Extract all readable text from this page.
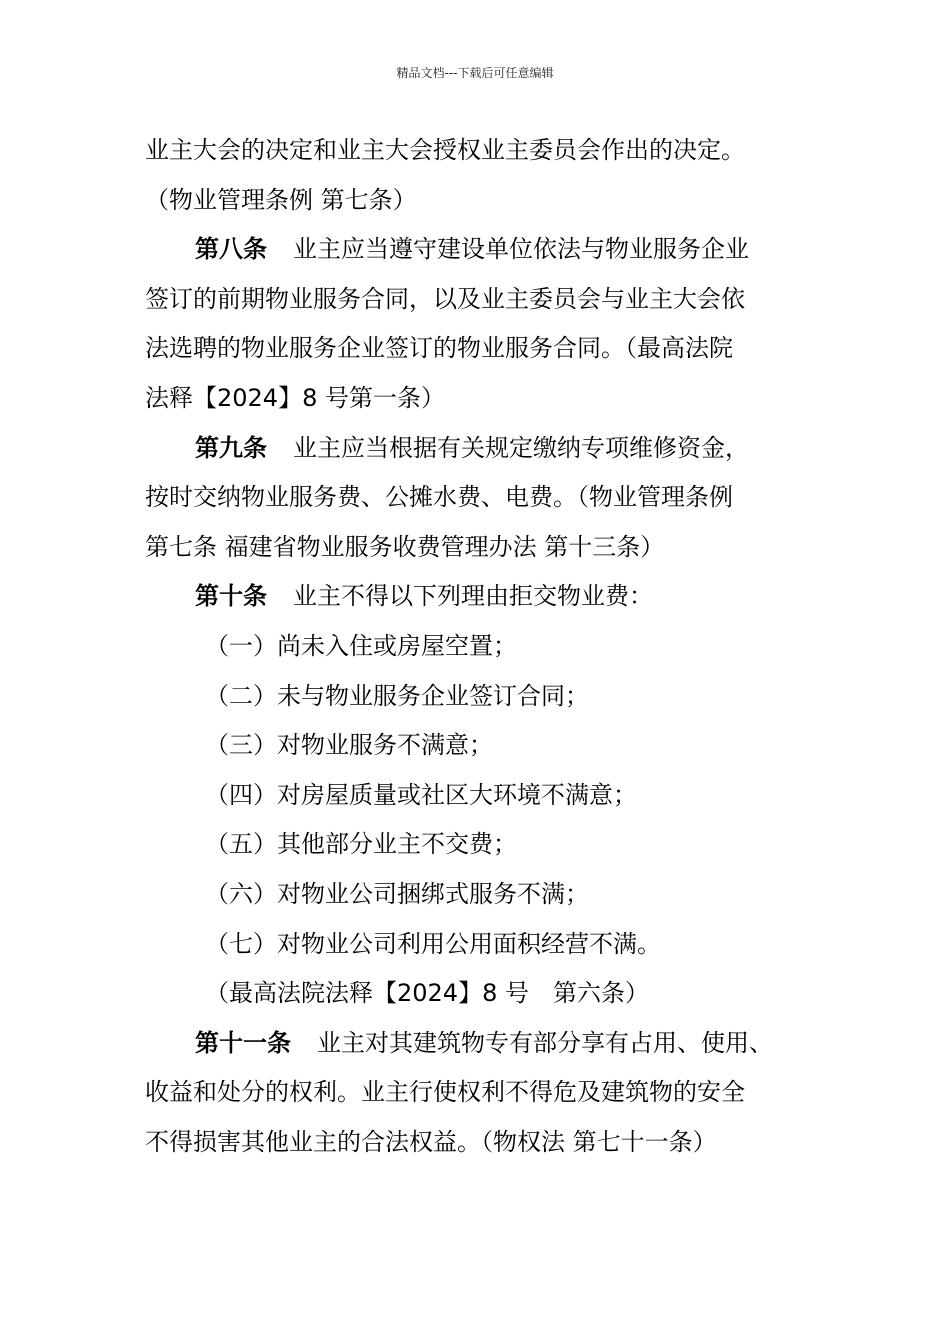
精品文档---下载后可任意编辑
业主大会的决定和业主大会授权业主委员会作出的决定。
（物业管理条例 第七条）
第八条 业主应当遵守建设单位依法与物业服务企业
签订的前期物业服务合同，以及业主委员会与业主大会依
法选聘的物业服务企业签订的物业服务合同。（最高法院
法释【2024】8 号第一条）
第九条 业主应当根据有关规定缴纳专项维修资金，
按时交纳物业服务费、公摊水费、电费。（物业管理条例
第七条 福建省物业服务收费管理办法 第十三条）
第十条 业主不得以下列理由拒交物业费：
（一）尚未入住或房屋空置；
（二）未与物业服务企业签订合同；
（三）对物业服务不满意；
（四）对房屋质量或社区大环境不满意；
（五）其他部分业主不交费；
（六）对物业公司捆绑式服务不满；
（七）对物业公司利用公用面积经营不满。
（最高法院法释【2024】8 号　第六条）
第十一条 业主对其建筑物专有部分享有占用、使用、
收益和处分的权利。业主行使权利不得危及建筑物的安全
不得损害其他业主的合法权益。（物权法 第七十一条）
